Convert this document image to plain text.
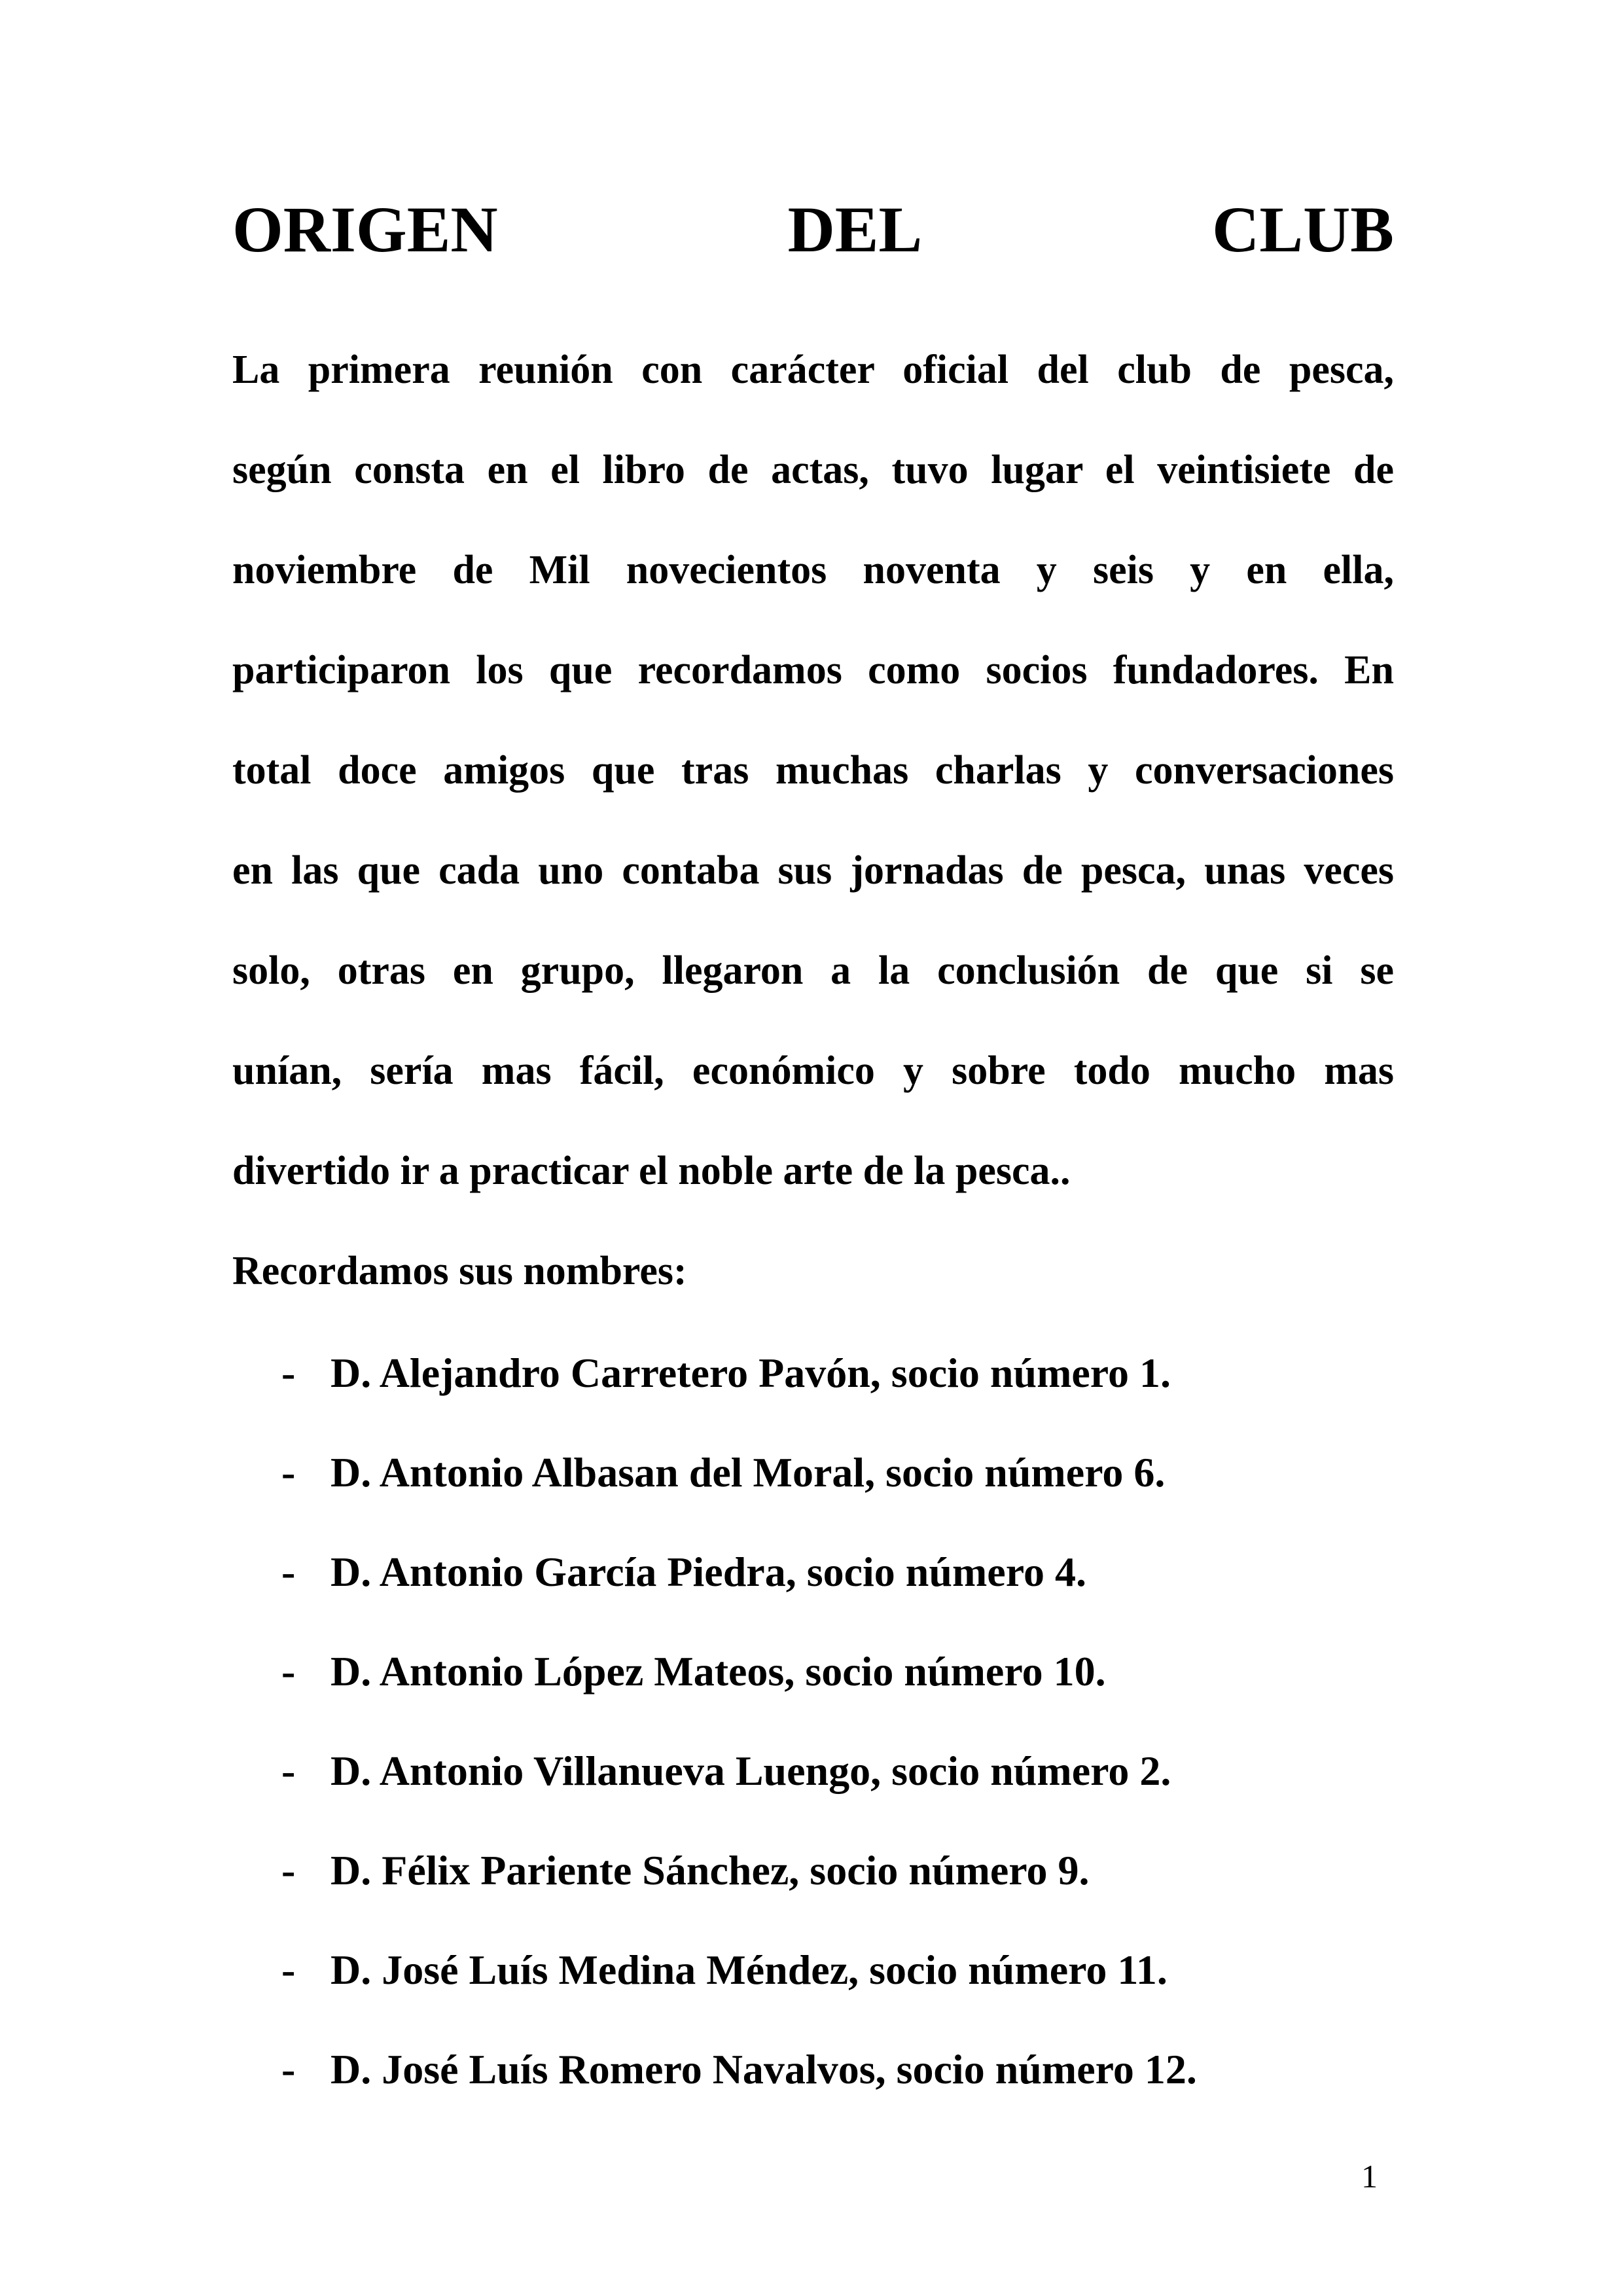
ORIGEN	DEL	CLUB
La primera reunión con carácter oficial del club de pesca,
según consta en el libro de actas, tuvo lugar el veintisiete de
noviembre de Mil novecientos noventa y seis y en ella,
participaron los que recordamos como socios fundadores. En
total doce amigos que tras muchas charlas y conversaciones
en las que cada uno contaba sus jornadas de pesca, unas veces
solo, otras en grupo, llegaron a la conclusión de que si se
unían, sería mas fácil, económico y sobre todo mucho mas
divertido ir a practicar el noble arte de la pesca..
Recordamos sus nombres:
- D. Alejandro Carretero Pavón, socio número 1.
- D. Antonio Albasan del Moral, socio número 6.
- D. Antonio García Piedra, socio número 4.
- D. Antonio López Mateos, socio número 10.
- D. Antonio Villanueva Luengo, socio número 2.
- D. Félix Pariente Sánchez, socio número 9.
- D. José Luís Medina Méndez, socio número 11.
- D. José Luís Romero Navalvos, socio número 12.
1
